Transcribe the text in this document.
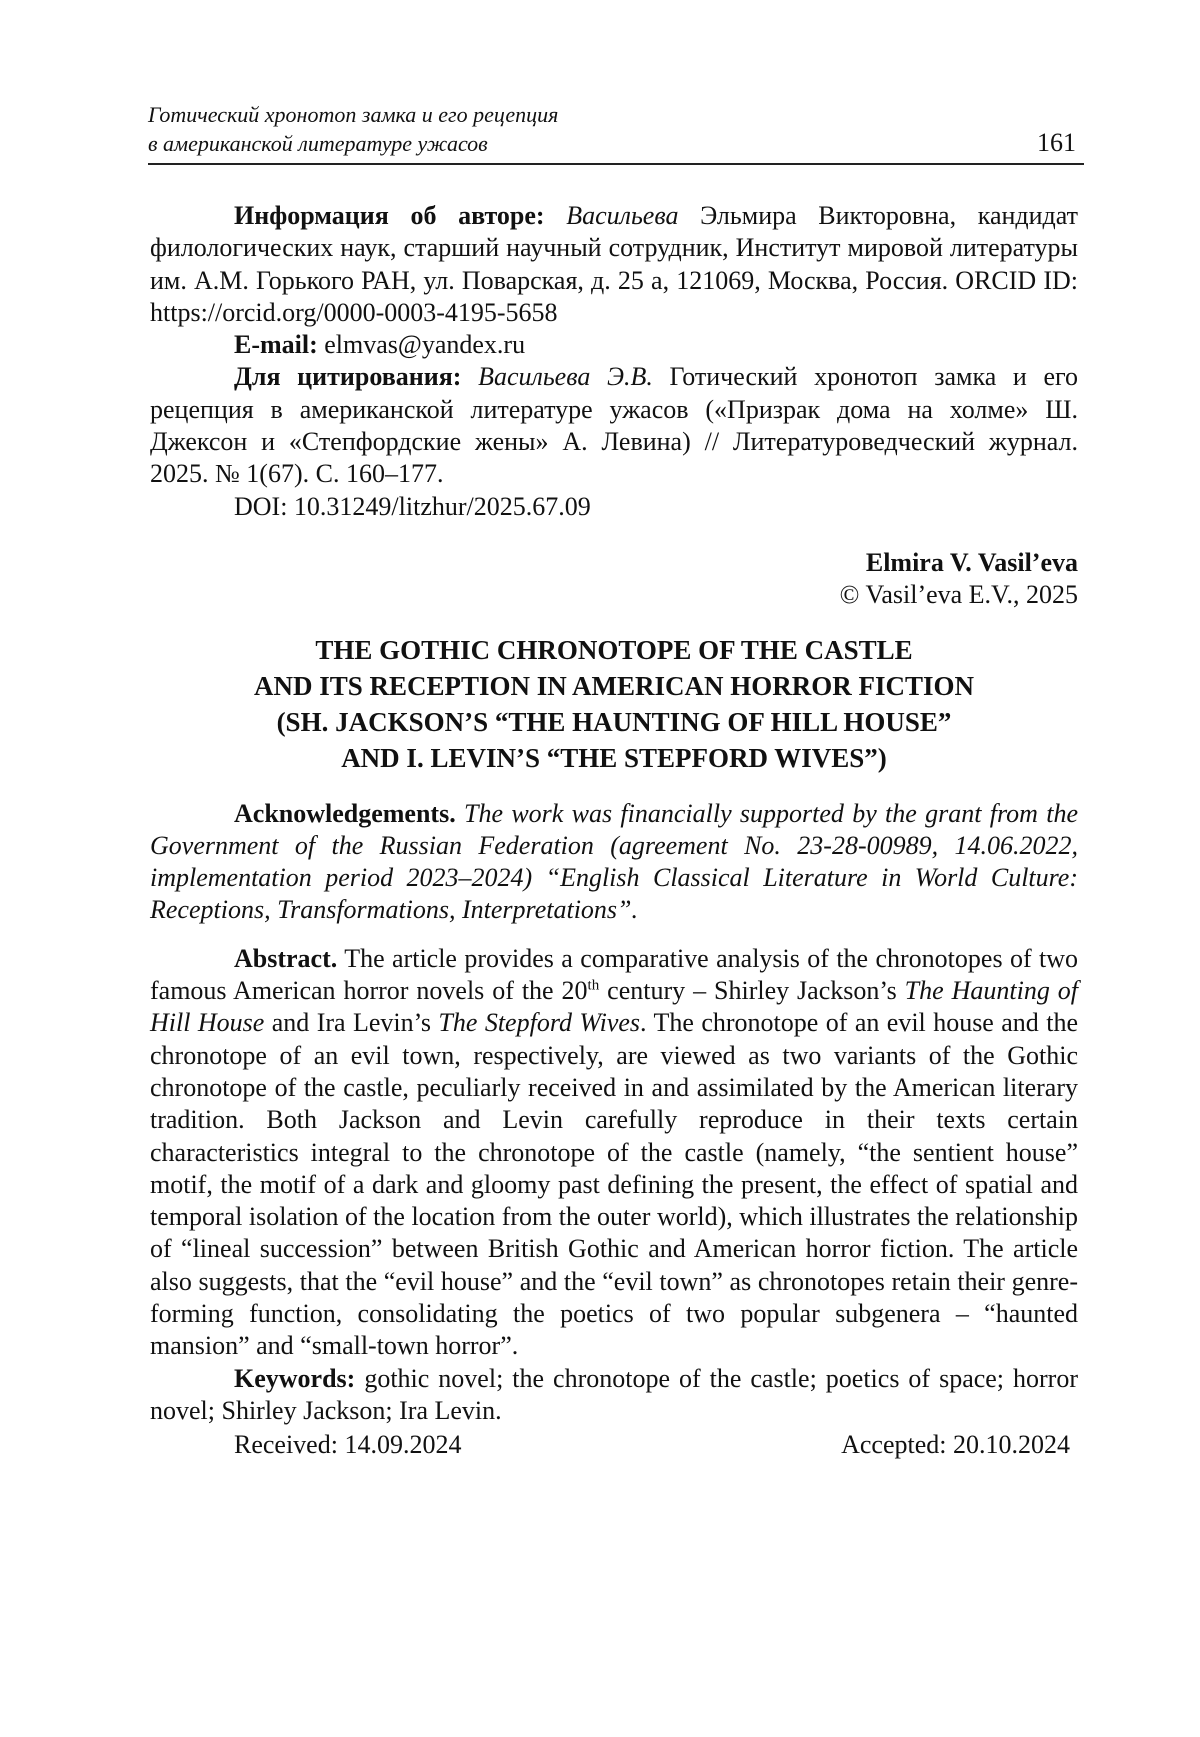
Готический хронотоп замка и его рецепция
в американской литературе ужасов	161

Информация об авторе: Васильева Эльмира Викторовна, кандидат филологических наук, старший научный сотрудник, Институт мировой литературы им. А.М. Горького РАН, ул. Поварская, д. 25 а, 121069, Москва, Россия. ORCID ID: https://orcid.org/0000-0003-4195-5658

E-mail: elmvas@yandex.ru

Для цитирования: Васильева Э.В. Готический хронотоп замка и его рецепция в американской литературе ужасов («Призрак дома на холме» Ш. Джексон и «Степфордские жены» А. Левина) // Литературоведческий журнал. 2025. № 1(67). С. 160–177.

DOI: 10.31249/litzhur/2025.67.09

Elmira V. Vasil’eva

© Vasil’eva E.V., 2025

THE GOTHIC CHRONOTOPE OF THE CASTLE
AND ITS RECEPTION IN AMERICAN HORROR FICTION
(SH. JACKSON’S “THE HAUNTING OF HILL HOUSE”
AND I. LEVIN’S “THE STEPFORD WIVES”)

Acknowledgements. The work was financially supported by the grant from the Government of the Russian Federation (agreement No. 23-28-00989, 14.06.2022, implementation period 2023–2024) “English Classical Literature in World Culture: Receptions, Transformations, Interpretations”.

Abstract. The article provides a comparative analysis of the chronotopes of two famous American horror novels of the 20th century – Shirley Jackson’s The Haunting of Hill House and Ira Levin’s The Stepford Wives. The chronotope of an evil house and the chronotope of an evil town, respectively, are viewed as two variants of the Gothic chronotope of the castle, peculiarly received in and assimilated by the American literary tradition. Both Jackson and Levin carefully reproduce in their texts certain characteristics integral to the chronotope of the castle (namely, “the sentient house” motif, the motif of a dark and gloomy past defining the present, the effect of spatial and temporal isolation of the location from the outer world), which illustrates the relationship of “lineal succession” between British Gothic and American horror fiction. The article also suggests, that the “evil house” and the “evil town” as chronotopes retain their genre-forming function, consolidating the poetics of two popular subgenera – “haunted mansion” and “small-town horror”.

Keywords: gothic novel; the chronotope of the castle; poetics of space; horror novel; Shirley Jackson; Ira Levin.

Received: 14.09.2024	Accepted: 20.10.2024
